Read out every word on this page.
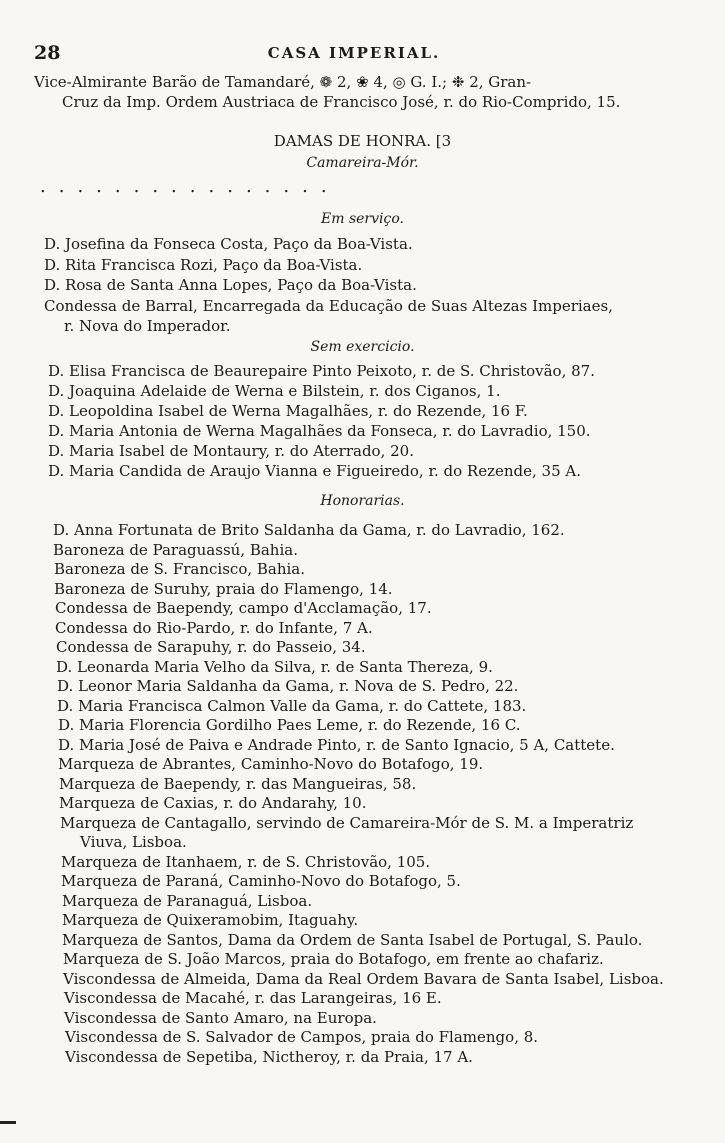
28	CASA IMPERIAL.
Vice-Almirante Barão de Tamandaré, ❁ 2, ❀ 4, ◎ G. I.; ❉ 2, Gran-
Cruz da Imp. Ordem Austriaca de Francisco José, r. do Rio-Comprido, 15.
DAMAS DE HONRA. [3
Camareira-Mór.
................
Em serviço.
D. Josefina da Fonseca Costa, Paço da Boa-Vista.
D. Rita Francisca Rozi, Paço da Boa-Vista.
D. Rosa de Santa Anna Lopes, Paço da Boa-Vista.
Condessa de Barral, Encarregada da Educação de Suas Altezas Imperiaes,
r. Nova do Imperador.
Sem exercicio.
D. Elisa Francisca de Beaurepaire Pinto Peixoto, r. de S. Christovão, 87.
D. Joaquina Adelaide de Werna e Bilstein, r. dos Ciganos, 1.
D. Leopoldina Isabel de Werna Magalhães, r. do Rezende, 16 F.
D. Maria Antonia de Werna Magalhães da Fonseca, r. do Lavradio, 150.
D. Maria Isabel de Montaury, r. do Aterrado, 20.
D. Maria Candida de Araujo Vianna e Figueiredo, r. do Rezende, 35 A.
Honorarias.
D. Anna Fortunata de Brito Saldanha da Gama, r. do Lavradio, 162.
Baroneza de Paraguassú, Bahia.
Baroneza de S. Francisco, Bahia.
Baroneza de Suruhy, praia do Flamengo, 14.
Condessa de Baependy, campo d'Acclamação, 17.
Condessa do Rio-Pardo, r. do Infante, 7 A.
Condessa de Sarapuhy, r. do Passeio, 34.
D. Leonarda Maria Velho da Silva, r. de Santa Thereza, 9.
D. Leonor Maria Saldanha da Gama, r. Nova de S. Pedro, 22.
D. Maria Francisca Calmon Valle da Gama, r. do Cattete, 183.
D. Maria Florencia Gordilho Paes Leme, r. do Rezende, 16 C.
D. Maria José de Paiva e Andrade Pinto, r. de Santo Ignacio, 5 A, Cattete.
Marqueza de Abrantes, Caminho-Novo do Botafogo, 19.
Marqueza de Baependy, r. das Mangueiras, 58.
Marqueza de Caxias, r. do Andarahy, 10.
Marqueza de Cantagallo, servindo de Camareira-Mór de S. M. a Imperatriz
Viuva, Lisboa.
Marqueza de Itanhaem, r. de S. Christovão, 105.
Marqueza de Paraná, Caminho-Novo do Botafogo, 5.
Marqueza de Paranaguá, Lisboa.
Marqueza de Quixeramobim, Itaguahy.
Marqueza de Santos, Dama da Ordem de Santa Isabel de Portugal, S. Paulo.
Marqueza de S. João Marcos, praia do Botafogo, em frente ao chafariz.
Viscondessa de Almeida, Dama da Real Ordem Bavara de Santa Isabel, Lisboa.
Viscondessa de Macahé, r. das Larangeiras, 16 E.
Viscondessa de Santo Amaro, na Europa.
Viscondessa de S. Salvador de Campos, praia do Flamengo, 8.
Viscondessa de Sepetiba, Nictheroy, r. da Praia, 17 A.
